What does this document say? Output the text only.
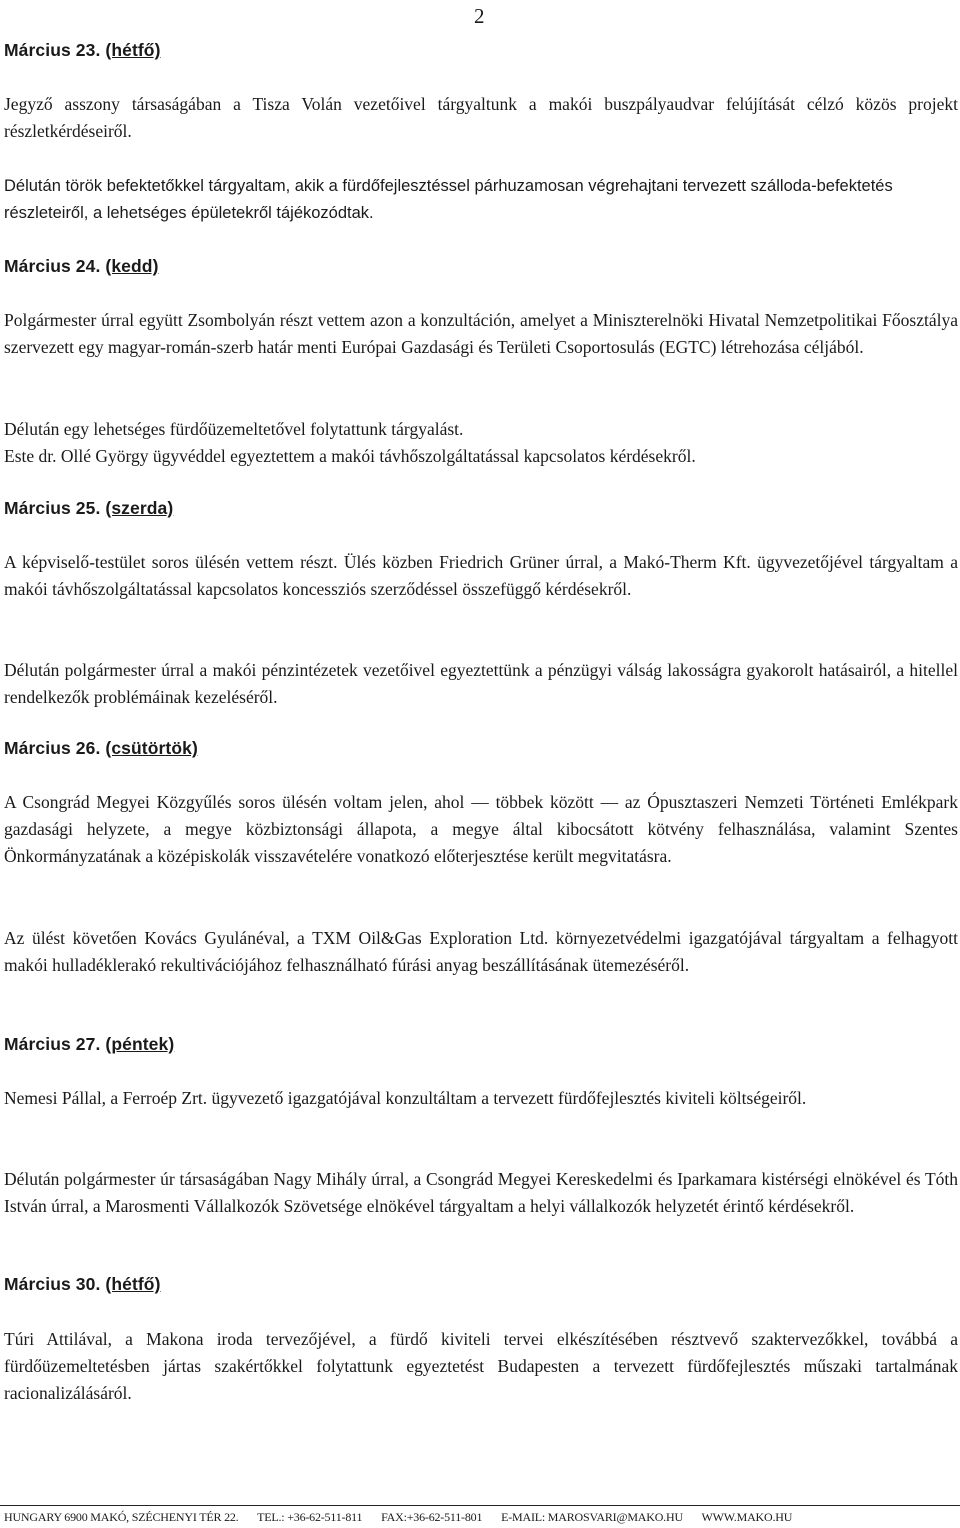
2
Március 23. (hétfő)

Jegyző asszony társaságában a Tisza Volán vezetőivel tárgyaltunk a makói buszpályaudvar felújítását célzó közös projekt részletkérdéseiről.

Délután török befektetőkkel tárgyaltam, akik a fürdőfejlesztéssel párhuzamosan végrehajtani tervezett szálloda-befektetés részleteiről, a lehetséges épületekről tájékozódtak.

Március 24. (kedd)

Polgármester úrral együtt Zsombolyán részt vettem azon a konzultáción, amelyet a Miniszterelnöki Hivatal Nemzetpolitikai Főosztálya szervezett egy magyar-román-szerb határ menti Európai Gazdasági és Területi Csoportosulás (EGTC) létrehozása céljából.

Délután egy lehetséges fürdőüzemeltetővel folytattunk tárgyalást.

Este dr. Ollé György ügyvéddel egyeztettem a makói távhőszolgáltatással kapcsolatos kérdésekről.

Március 25. (szerda)

A képviselő-testület soros ülésén vettem részt. Ülés közben Friedrich Grüner úrral, a Makó-Therm Kft. ügyvezetőjével tárgyaltam a makói távhőszolgáltatással kapcsolatos koncessziós szerződéssel összefüggő kérdésekről.

Délután polgármester úrral a makói pénzintézetek vezetőivel egyeztettünk a pénzügyi válság lakosságra gyakorolt hatásairól, a hitellel rendelkezők problémáinak kezeléséről.

Március 26. (csütörtök)

A Csongrád Megyei Közgyűlés soros ülésén voltam jelen, ahol — többek között — az Ópusztaszeri Nemzeti Történeti Emlékpark gazdasági helyzete, a megye közbiztonsági állapota, a megye által kibocsátott kötvény felhasználása, valamint Szentes Önkormányzatának a középiskolák visszavételére vonatkozó előterjesztése került megvitatásra.

Az ülést követően Kovács Gyulánéval, a TXM Oil&Gas Exploration Ltd. környezetvédelmi igazgatójával tárgyaltam a felhagyott makói hulladéklerakó rekultivációjához felhasználható fúrási anyag beszállításának ütemezéséről.

Március 27. (péntek)

Nemesi Pállal, a Ferroép Zrt. ügyvezető igazgatójával konzultáltam a tervezett fürdőfejlesztés kiviteli költségeiről.

Délután polgármester úr társaságában Nagy Mihály úrral, a Csongrád Megyei Kereskedelmi és Iparkamara kistérségi elnökével és Tóth István úrral, a Marosmenti Vállalkozók Szövetsége elnökével tárgyaltam a helyi vállalkozók helyzetét érintő kérdésekről.

Március 30. (hétfő)

Túri Attilával, a Makona iroda tervezőjével, a fürdő kiviteli tervei elkészítésében résztvevő szaktervezőkkel, továbbá a fürdőüzemeltetésben jártas szakértőkkel folytattunk egyeztetést Budapesten a tervezett fürdőfejlesztés műszaki tartalmának racionalizálásáról.

HUNGARY 6900 MAKÓ, SZÉCHENYI TÉR 22. TEL.: +36-62-511-811 FAX:+36-62-511-801 E-MAIL: MAROSVARI@MAKO.HU WWW.MAKO.HU
